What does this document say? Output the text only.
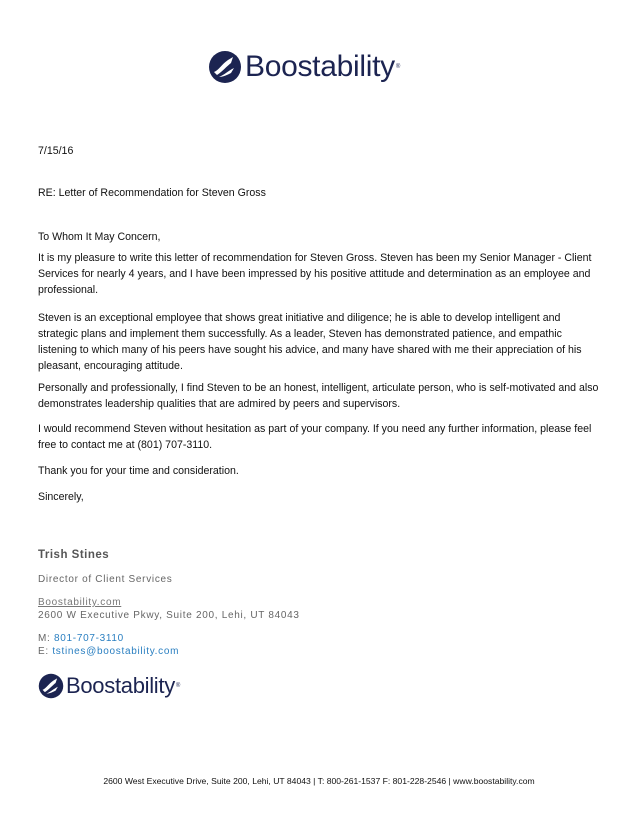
Boostability ®
7/15/16
RE: Letter of Recommendation for Steven Gross
To Whom It May Concern,
It is my pleasure to write this letter of recommendation for Steven Gross. Steven has been my Senior Manager - Client Services for nearly 4 years, and I have been impressed by his positive attitude and determination as an employee and professional.
Steven is an exceptional employee that shows great initiative and diligence; he is able to develop intelligent and strategic plans and implement them successfully. As a leader, Steven has demonstrated patience, and empathic listening to which many of his peers have sought his advice, and many have shared with me their appreciation of his pleasant, encouraging attitude.
Personally and professionally, I find Steven to be an honest, intelligent, articulate person, who is self-motivated and also demonstrates leadership qualities that are admired by peers and supervisors.
I would recommend Steven without hesitation as part of your company. If you need any further information, please feel free to contact me at (801) 707-3110.
Thank you for your time and consideration.
Sincerely,
Trish Stines
Director of Client Services
Boostability.com
2600 W Executive Pkwy, Suite 200, Lehi, UT 84043
M: 801-707-3110
E: tstines@boostability.com
Boostability ®
2600 West Executive Drive, Suite 200, Lehi, UT 84043 | T: 800-261-1537 F: 801-228-2546 | www.boostability.com
